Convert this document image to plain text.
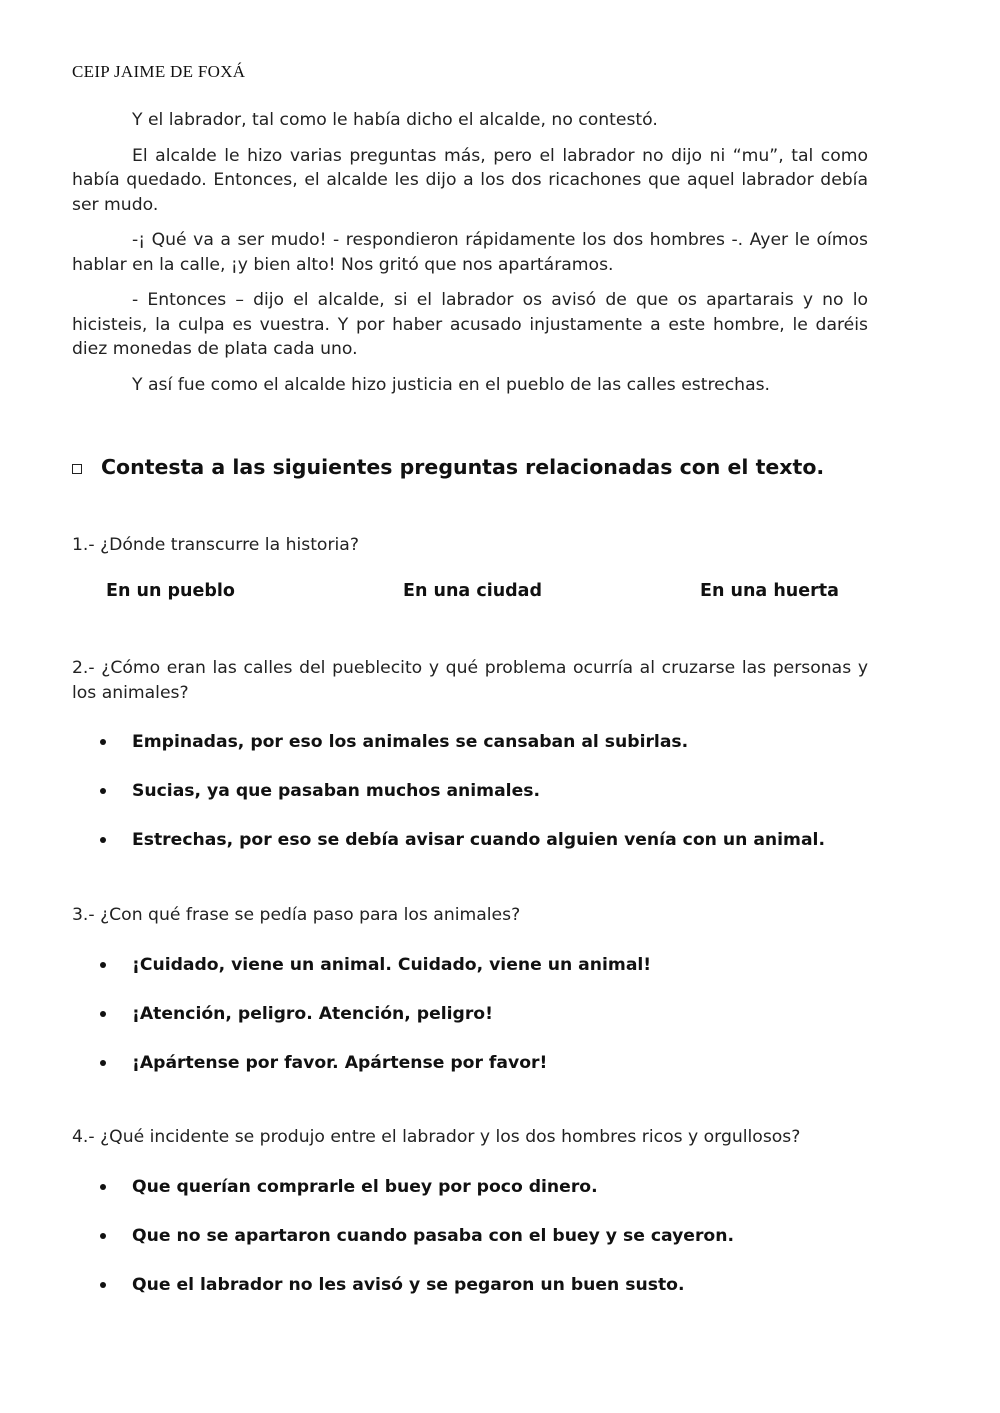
CEIP JAIME DE FOXÁ

Y el labrador, tal como le había dicho el alcalde, no contestó.

El alcalde le hizo varias preguntas más, pero el labrador no dijo ni “mu”, tal como había quedado. Entonces, el alcalde les dijo a los dos ricachones que aquel labrador debía ser mudo.

-¡ Qué va a ser mudo! - respondieron rápidamente los dos hombres -. Ayer le oímos hablar en la calle, ¡y bien alto! Nos gritó que nos apartáramos.

- Entonces – dijo el alcalde, si el labrador os avisó de que os apartarais y no lo hicisteis, la culpa es vuestra. Y por haber acusado injustamente a este hombre, le daréis diez monedas de plata cada uno.

Y así fue como el alcalde hizo justicia en el pueblo de las calles estrechas.

Contesta a las siguientes preguntas relacionadas con el texto.
1.- ¿Dónde transcurre la historia?
En un pueblo	En una ciudad	En una huerta
2.- ¿Cómo eran las calles del pueblecito y qué problema ocurría al cruzarse las personas y los animales?
Empinadas, por eso los animales se cansaban al subirlas.
Sucias, ya que pasaban muchos animales.
Estrechas, por eso se debía avisar cuando alguien venía con un animal.
3.- ¿Con qué frase se pedía paso para los animales?
¡Cuidado, viene un animal. Cuidado, viene un animal!
¡Atención, peligro. Atención, peligro!
¡Apártense por favor. Apártense por favor!
4.- ¿Qué incidente se produjo entre el labrador y los dos hombres ricos y orgullosos?
Que querían comprarle el buey por poco dinero.
Que no se apartaron cuando pasaba con el buey y se cayeron.
Que el labrador no les avisó y se pegaron un buen susto.
